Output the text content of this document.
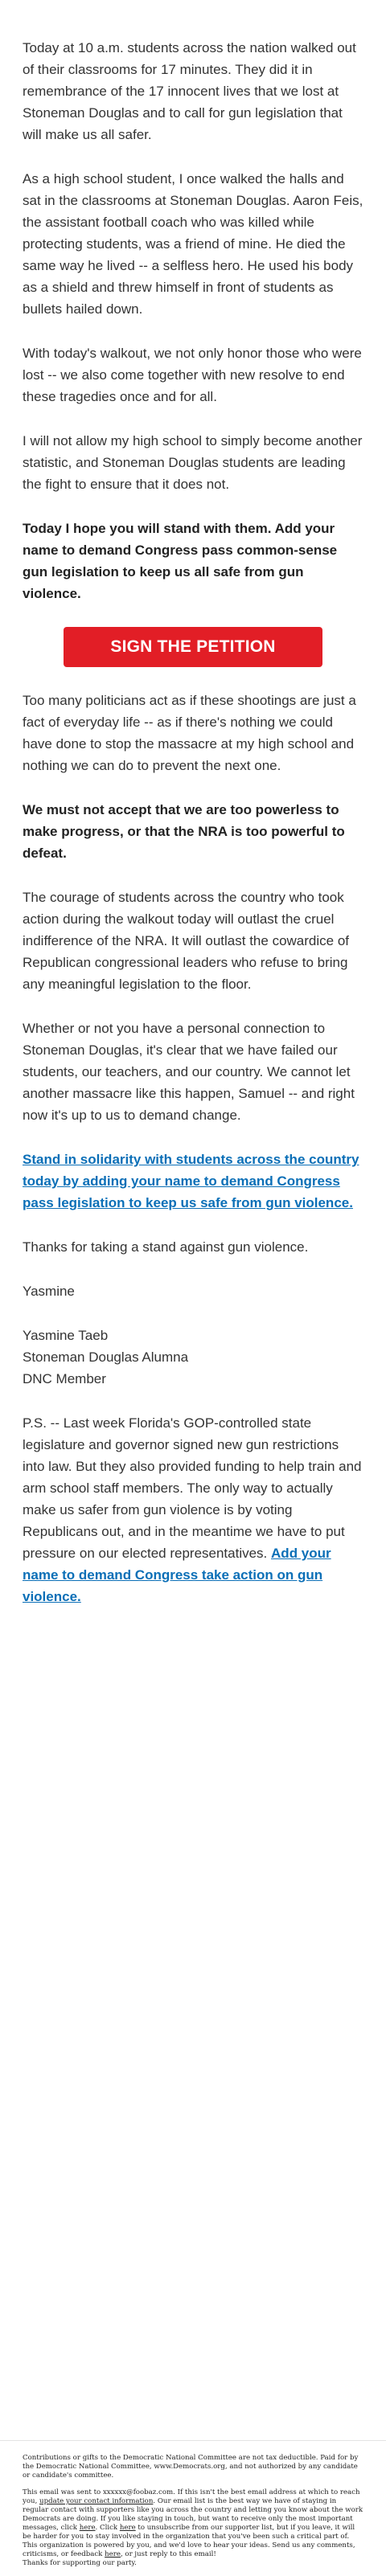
Today at 10 a.m. students across the nation walked out of their classrooms for 17 minutes. They did it in remembrance of the 17 innocent lives that we lost at Stoneman Douglas and to call for gun legislation that will make us all safer.

As a high school student, I once walked the halls and sat in the classrooms at Stoneman Douglas. Aaron Feis, the assistant football coach who was killed while protecting students, was a friend of mine. He died the same way he lived -- a selfless hero. He used his body as a shield and threw himself in front of students as bullets hailed down.

With today's walkout, we not only honor those who were lost -- we also come together with new resolve to end these tragedies once and for all.

I will not allow my high school to simply become another statistic, and Stoneman Douglas students are leading the fight to ensure that it does not.

Today I hope you will stand with them. Add your name to demand Congress pass common-sense gun legislation to keep us all safe from gun violence.

SIGN THE PETITION

Too many politicians act as if these shootings are just a fact of everyday life -- as if there's nothing we could have done to stop the massacre at my high school and nothing we can do to prevent the next one.

We must not accept that we are too powerless to make progress, or that the NRA is too powerful to defeat.

The courage of students across the country who took action during the walkout today will outlast the cruel indifference of the NRA. It will outlast the cowardice of Republican congressional leaders who refuse to bring any meaningful legislation to the floor.

Whether or not you have a personal connection to Stoneman Douglas, it's clear that we have failed our students, our teachers, and our country. We cannot let another massacre like this happen, Samuel -- and right now it's up to us to demand change.

Stand in solidarity with students across the country today by adding your name to demand Congress pass legislation to keep us safe from gun violence.

Thanks for taking a stand against gun violence.

Yasmine

Yasmine Taeb
Stoneman Douglas Alumna
DNC Member

P.S. -- Last week Florida's GOP-controlled state legislature and governor signed new gun restrictions into law. But they also provided funding to help train and arm school staff members. The only way to actually make us safer from gun violence is by voting Republicans out, and in the meantime we have to put pressure on our elected representatives. Add your name to demand Congress take action on gun violence.

Contributions or gifts to the Democratic National Committee are not tax deductible. Paid for by the Democratic National Committee, www.Democrats.org, and not authorized by any candidate or candidate's committee.

This email was sent to xxxxxx@foobaz.com. If this isn't the best email address at which to reach you, update your contact information. Our email list is the best way we have of staying in regular contact with supporters like you across the country and letting you know about the work Democrats are doing. If you like staying in touch, but want to receive only the most important messages, click here. Click here to unsubscribe from our supporter list, but if you leave, it will be harder for you to stay involved in the organization that you've been such a critical part of. This organization is powered by you, and we'd love to hear your ideas. Send us any comments, criticisms, or feedback here, or just reply to this email!
Thanks for supporting our party.
